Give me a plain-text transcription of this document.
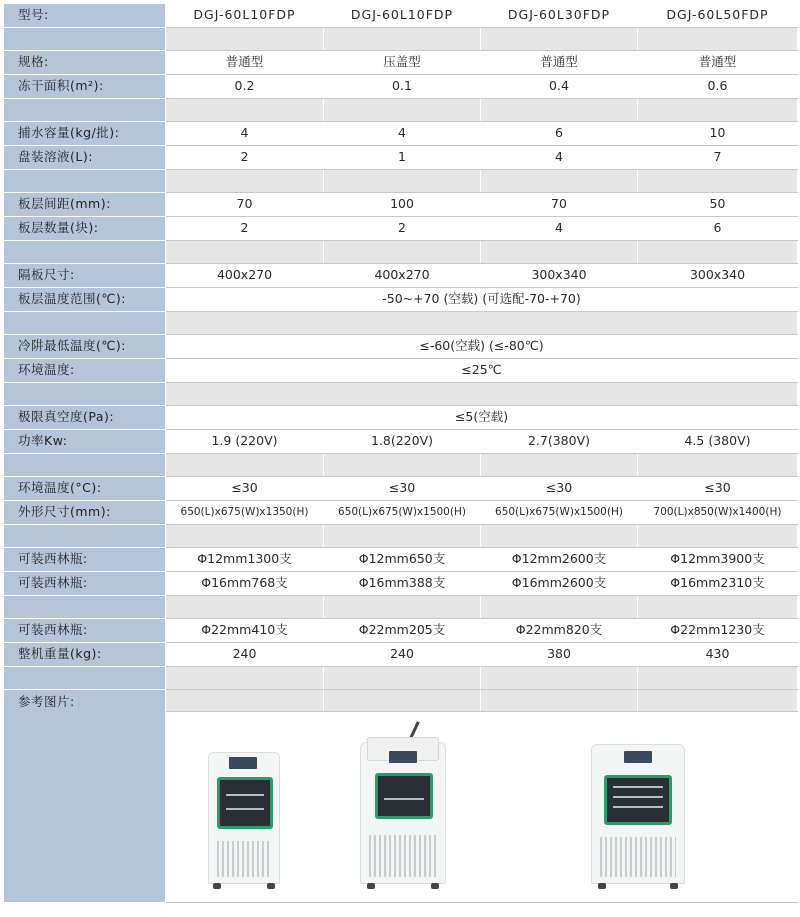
型号:	DGJ-60L10FDP	DGJ-60L10FDP	DGJ-60L30FDP	DGJ-60L50FDP

规格:	普通型	压盖型	普通型	普通型
冻干面积(m²):	0.2	0.1	0.4	0.6

捕水容量(kg/批):	4	4	6	10
盘装溶液(L):	2	1	4	7

板层间距(mm):	70	100	70	50
板层数量(块):	2	2	4	6

隔板尺寸:	400x270	400x270	300x340	300x340
板层温度范围(℃):	-50~+70 (空载) (可选配-70-+70)			

冷阱最低温度(℃):	≤-60(空载) (≤-80℃)			
环境温度:	≤25℃			

极限真空度(Pa):	≤5(空载)			
功率Kw:	1.9 (220V)	1.8(220V)	2.7(380V)	4.5 (380V)

环境温度(°C):	≤30	≤30	≤30	≤30
外形尺寸(mm):	650(L)x675(W)x1350(H)	650(L)x675(W)x1500(H)	650(L)x675(W)x1500(H)	700(L)x850(W)x1400(H)

可装西林瓶:	Φ12mm1300支	Φ12mm650支	Φ12mm2600支	Φ12mm3900支
可装西林瓶:	Φ16mm768支	Φ16mm388支	Φ16mm2600支	Φ16mm2310支

可装西林瓶:	Φ22mm410支	Φ22mm205支	Φ22mm820支	Φ22mm1230支
整机重量(kg):	240	240	380	430

参考图片:				
